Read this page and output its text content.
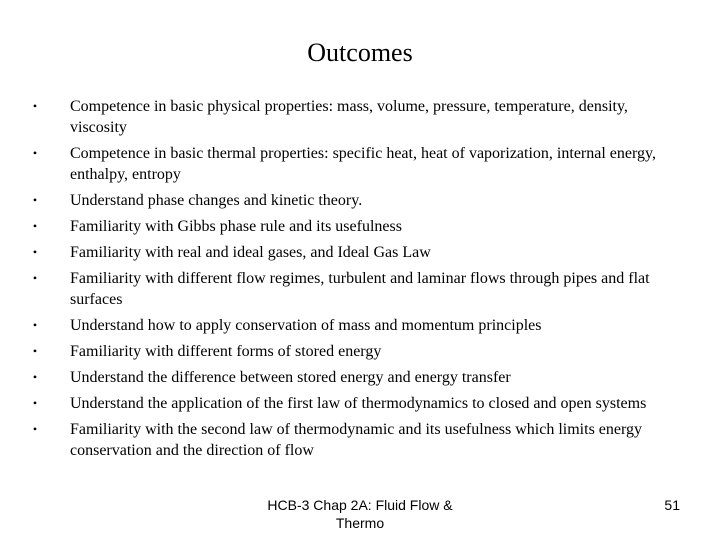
Outcomes
•	Competence in basic physical properties: mass, volume, pressure, temperature, density, viscosity
•	Competence in basic thermal properties: specific heat, heat of vaporization, internal energy, enthalpy, entropy
•	Understand phase changes and kinetic theory.
•	Familiarity with Gibbs phase rule and its usefulness
•	Familiarity with real and ideal gases, and Ideal Gas Law
•	Familiarity with different flow regimes, turbulent and laminar flows through pipes and flat surfaces
•	Understand how to apply conservation of mass and momentum principles
•	Familiarity with different forms of stored energy
•	Understand the difference between stored energy and energy transfer
•	Understand the application of the first law of thermodynamics to closed and open systems
•	Familiarity with the second law of thermodynamic and its usefulness which limits energy conservation and the direction of flow
HCB-3 Chap 2A: Fluid Flow & Thermo
51
